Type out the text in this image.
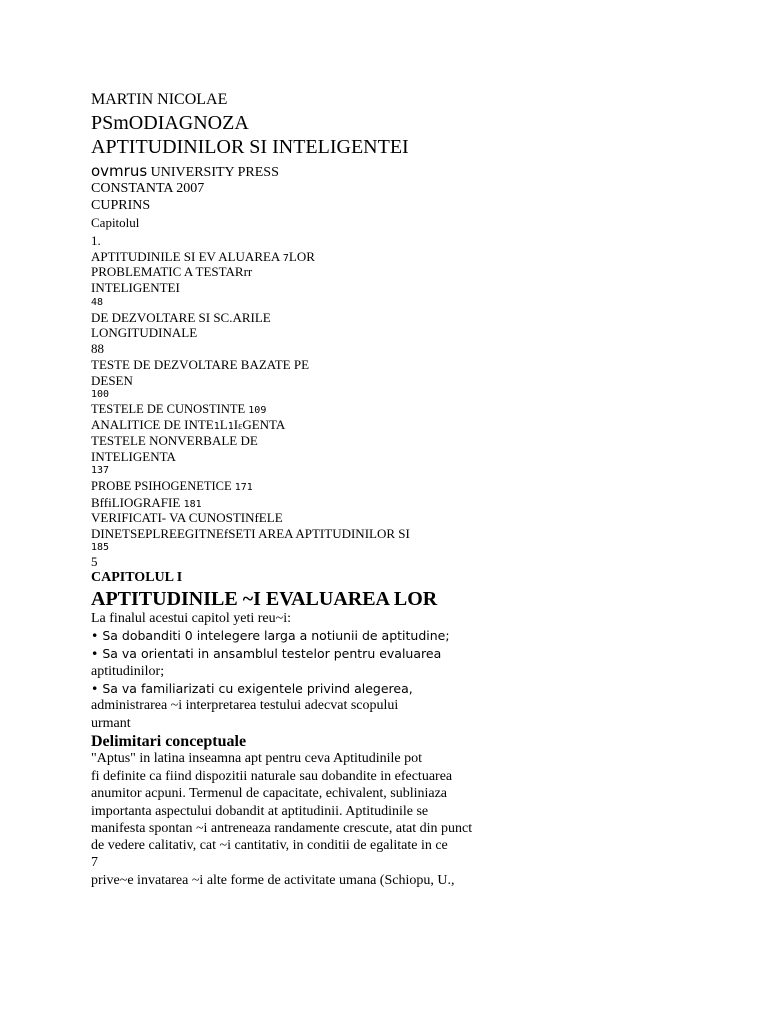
MARTIN NICOLAE
PSmODIAGNOZA
APTITUDINILOR SI INTELIGENTEI
ovmrus UNIVERSITY PRESS
CONSTANTA 2007
CUPRINS
Capitolul
1.
APTITUDINILE SI EV ALUAREA 7LOR
PROBLEMATIC A TESTARrr
INTELIGENTEI
48
DE DEZVOLTARE SI SC.ARILE
LONGITUDINALE
88
TESTE DE DEZVOLTARE BAZATE PE
DESEN
100
TESTELE DE CUNOSTINTE 109
ANALITICE DE INTE1L1IεGENTA
TESTELE NONVERBALE DE
INTELIGENTA
137
PROBE PSIHOGENETICE 171
BffiLIOGRAFIE 181
VERIFICATI- VA CUNOSTINfELE
DINETSEPLREEGITNEfSETI AREA APTITUDINILOR SI
185
5
CAPITOLUL I
APTITUDINILE ~I EVALUAREA LOR
La finalul acestui capitol yeti reu~i:
• Sa dobanditi 0 intelegere larga a notiunii de aptitudine;
• Sa va orientati in ansamblul testelor pentru evaluarea
aptitudinilor;
• Sa va familiarizati cu exigentele privind alegerea,
administrarea ~i interpretarea testului adecvat scopului
urmant
Delimitari conceptuale
"Aptus" in latina inseamna apt pentru ceva Aptitudinile pot
fi definite ca fiind dispozitii naturale sau dobandite in efectuarea
anumitor acpuni. Termenul de capacitate, echivalent, subliniaza
importanta aspectului dobandit at aptitudinii. Aptitudinile se
manifesta spontan ~i antreneaza randamente crescute, atat din punct
de vedere calitativ, cat ~i cantitativ, in conditii de egalitate in ce
7
prive~e invatarea ~i alte forme de activitate umana (Schiopu, U.,
